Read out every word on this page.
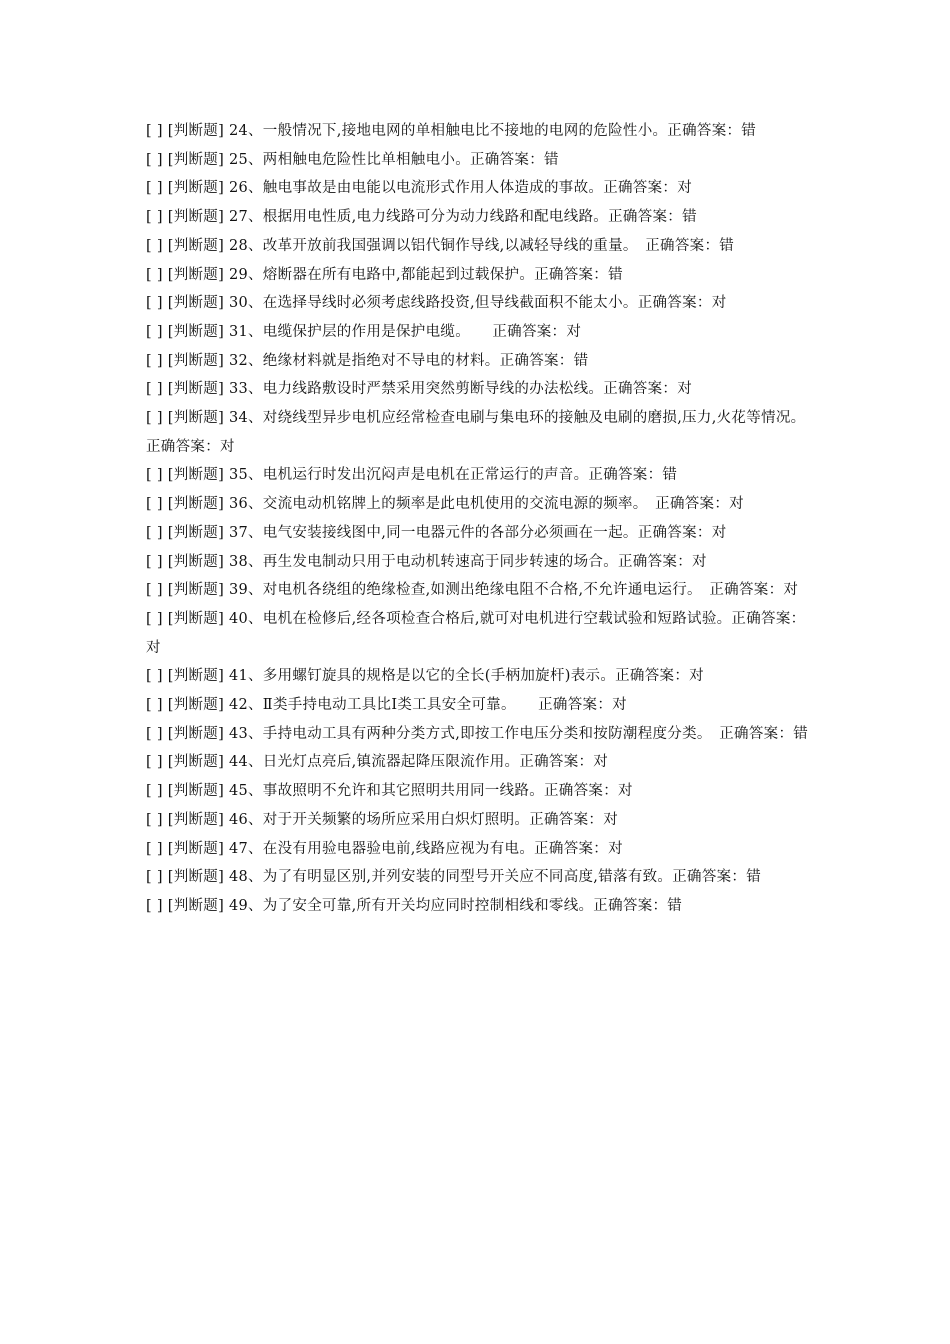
[ ] [判断题] 24、一般情况下,接地电网的单相触电比不接地的电网的危险性小。正确答案：错

[ ] [判断题] 25、两相触电危险性比单相触电小。正确答案：错

[ ] [判断题] 26、触电事故是由电能以电流形式作用人体造成的事故。正确答案：对

[ ] [判断题] 27、根据用电性质,电力线路可分为动力线路和配电线路。正确答案：错

[ ] [判断题] 28、改革开放前我国强调以铝代铜作导线,以减轻导线的重量。　正确答案：错

[ ] [判断题] 29、熔断器在所有电路中,都能起到过载保护。正确答案：错

[ ] [判断题] 30、在选择导线时必须考虑线路投资,但导线截面积不能太小。正确答案：对

[ ] [判断题] 31、电缆保护层的作用是保护电缆。　　正确答案：对

[ ] [判断题] 32、绝缘材料就是指绝对不导电的材料。正确答案：错

[ ] [判断题] 33、电力线路敷设时严禁采用突然剪断导线的办法松线。正确答案：对

[ ] [判断题] 34、对绕线型异步电机应经常检查电刷与集电环的接触及电刷的磨损,压力,火花等情况。　正确答案：对

[ ] [判断题] 35、电机运行时发出沉闷声是电机在正常运行的声音。正确答案：错

[ ] [判断题] 36、交流电动机铭牌上的频率是此电机使用的交流电源的频率。　正确答案：对

[ ] [判断题] 37、电气安装接线图中,同一电器元件的各部分必须画在一起。正确答案：对

[ ] [判断题] 38、再生发电制动只用于电动机转速高于同步转速的场合。正确答案：对

[ ] [判断题] 39、对电机各绕组的绝缘检查,如测出绝缘电阻不合格,不允许通电运行。　正确答案：对

[ ] [判断题] 40、电机在检修后,经各项检查合格后,就可对电机进行空载试验和短路试验。正确答案：对

[ ] [判断题] 41、多用螺钉旋具的规格是以它的全长(手柄加旋杆)表示。正确答案：对

[ ] [判断题] 42、Ⅱ类手持电动工具比Ⅰ类工具安全可靠。　　正确答案：对

[ ] [判断题] 43、手持电动工具有两种分类方式,即按工作电压分类和按防潮程度分类。　正确答案：错

[ ] [判断题] 44、日光灯点亮后,镇流器起降压限流作用。正确答案：对

[ ] [判断题] 45、事故照明不允许和其它照明共用同一线路。正确答案：对

[ ] [判断题] 46、对于开关频繁的场所应采用白炽灯照明。正确答案：对

[ ] [判断题] 47、在没有用验电器验电前,线路应视为有电。正确答案：对

[ ] [判断题] 48、为了有明显区别,并列安装的同型号开关应不同高度,错落有致。正确答案：错

[ ] [判断题] 49、为了安全可靠,所有开关均应同时控制相线和零线。正确答案：错
